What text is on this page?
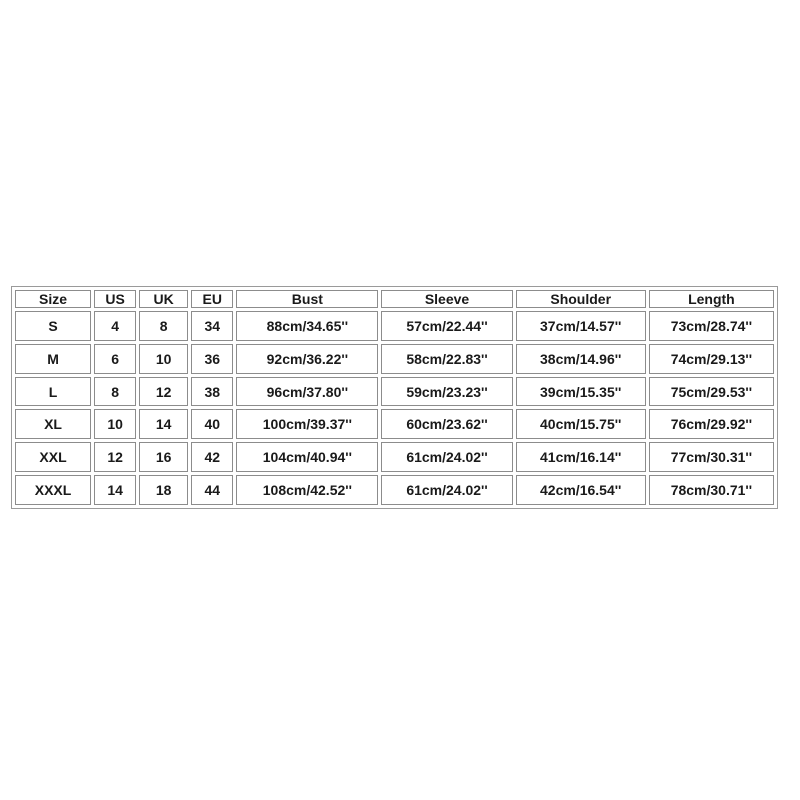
Size	US	UK	EU	Bust	Sleeve	Shoulder	Length
S	4	8	34	88cm/34.65''	57cm/22.44''	37cm/14.57''	73cm/28.74''
M	6	10	36	92cm/36.22''	58cm/22.83''	38cm/14.96''	74cm/29.13''
L	8	12	38	96cm/37.80''	59cm/23.23''	39cm/15.35''	75cm/29.53''
XL	10	14	40	100cm/39.37''	60cm/23.62''	40cm/15.75''	76cm/29.92''
XXL	12	16	42	104cm/40.94''	61cm/24.02''	41cm/16.14''	77cm/30.31''
XXXL	14	18	44	108cm/42.52''	61cm/24.02''	42cm/16.54''	78cm/30.71''
